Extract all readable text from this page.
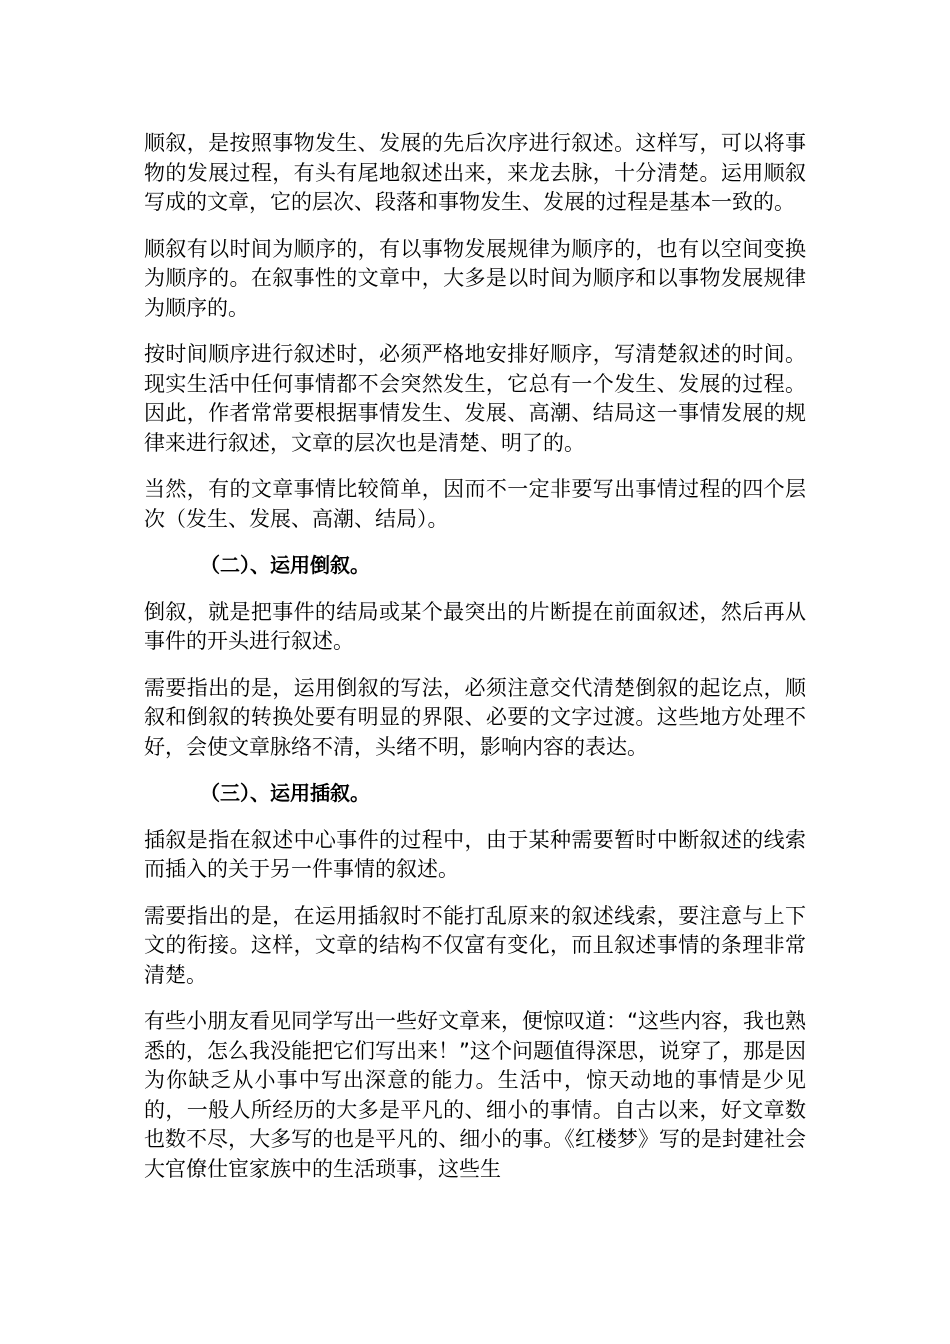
顺叙，是按照事物发生、发展的先后次序进行叙述。这样写，可以将事物的发展过程，有头有尾地叙述出来，来龙去脉，十分清楚。运用顺叙写成的文章，它的层次、段落和事物发生、发展的过程是基本一致的。

顺叙有以时间为顺序的，有以事物发展规律为顺序的，也有以空间变换为顺序的。在叙事性的文章中，大多是以时间为顺序和以事物发展规律为顺序的。

按时间顺序进行叙述时，必须严格地安排好顺序，写清楚叙述的时间。现实生活中任何事情都不会突然发生，它总有一个发生、发展的过程。因此，作者常常要根据事情发生、发展、高潮、结局这一事情发展的规律来进行叙述，文章的层次也是清楚、明了的。

当然，有的文章事情比较简单，因而不一定非要写出事情过程的四个层次（发生、发展、高潮、结局）。

（二）、运用倒叙。

倒叙，就是把事件的结局或某个最突出的片断提在前面叙述，然后再从事件的开头进行叙述。

需要指出的是，运用倒叙的写法，必须注意交代清楚倒叙的起讫点，顺叙和倒叙的转换处要有明显的界限、必要的文字过渡。这些地方处理不好，会使文章脉络不清，头绪不明，影响内容的表达。

（三）、运用插叙。

插叙是指在叙述中心事件的过程中，由于某种需要暂时中断叙述的线索而插入的关于另一件事情的叙述。

需要指出的是，在运用插叙时不能打乱原来的叙述线索，要注意与上下文的衔接。这样，文章的结构不仅富有变化，而且叙述事情的条理非常清楚。

有些小朋友看见同学写出一些好文章来，便惊叹道：“这些内容，我也熟悉的，怎么我没能把它们写出来！”这个问题值得深思，说穿了，那是因为你缺乏从小事中写出深意的能力。生活中，惊天动地的事情是少见的，一般人所经历的大多是平凡的、细小的事情。自古以来，好文章数也数不尽，大多写的也是平凡的、细小的事。《红楼梦》写的是封建社会大官僚仕宦家族中的生活琐事，这些生
